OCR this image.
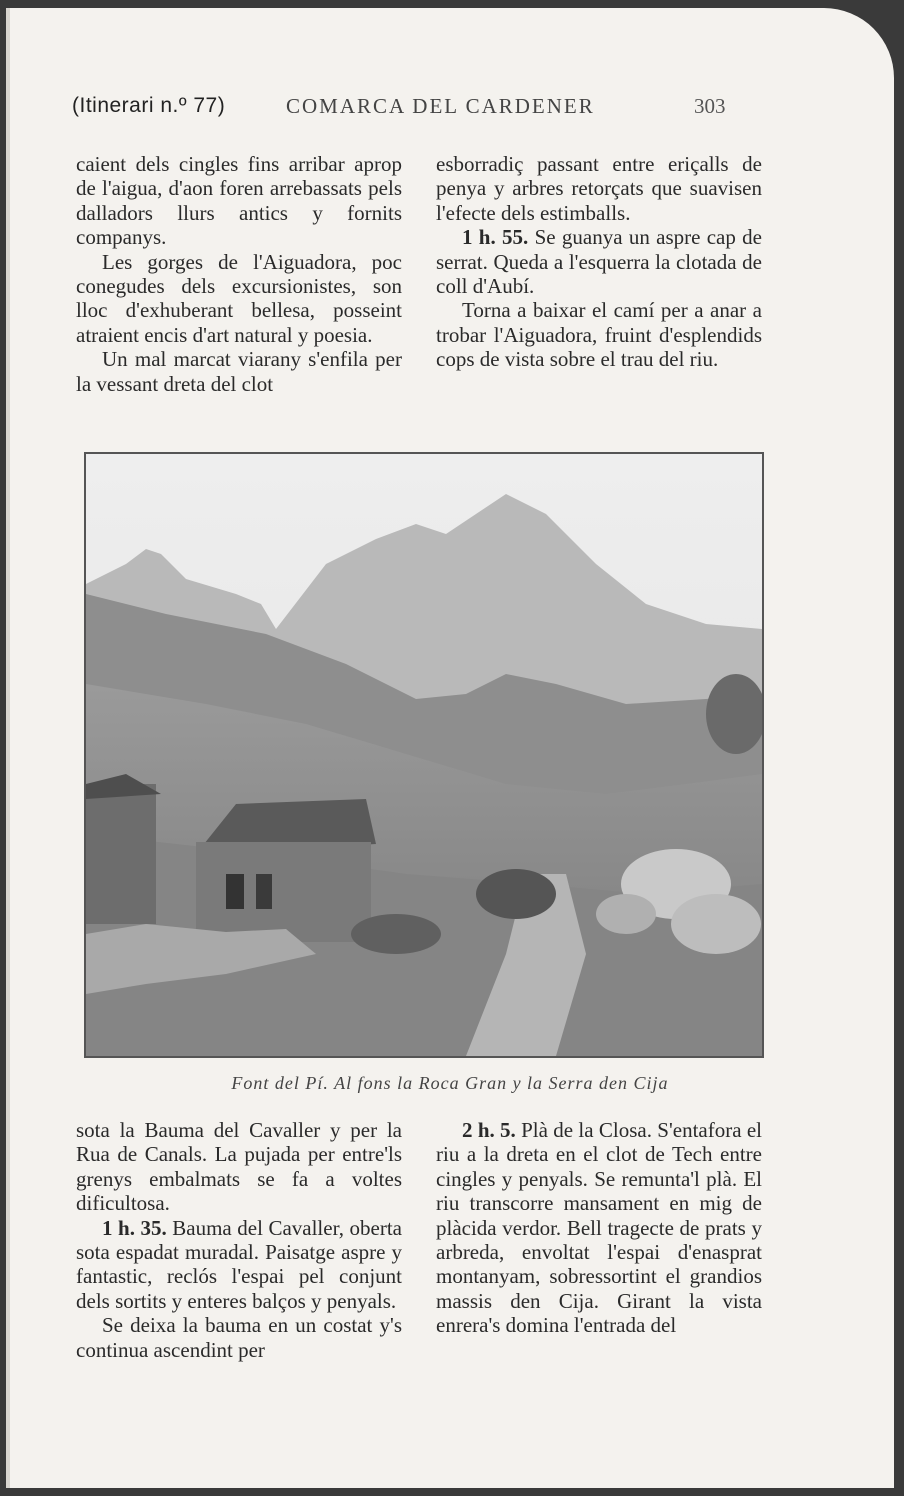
(Itinerari n.º 77)	COMARCA DEL CARDENER	303

caient dels cingles fins arribar aprop de l'aigua, d'aon foren arrebassats pels dalladors llurs antics y fornits companys.

Les gorges de l'Aiguadora, poc conegudes dels excursionistes, son lloc d'exhuberant bellesa, posseint atraient encis d'art natural y poesia.

Un mal marcat viarany s'enfila per la vessant dreta del clot

esborradiç passant entre eriçalls de penya y arbres retorçats que suavisen l'efecte dels estimballs.

1 h. 55. Se guanya un aspre cap de serrat. Queda a l'esquerra la clotada de coll d'Aubí.

Torna a baixar el camí per a anar a trobar l'Aiguadora, fruint d'esplendids cops de vista sobre el trau del riu.

Font del Pí. Al fons la Roca Gran y la Serra den Cija

sota la Bauma del Cavaller y per la Rua de Canals. La pujada per entre'ls grenys embalmats se fa a voltes dificultosa.

1 h. 35. Bauma del Cavaller, oberta sota espadat muradal. Paisatge aspre y fantastic, reclós l'espai pel conjunt dels sortits y enteres balços y penyals.

Se deixa la bauma en un costat y's continua ascendint per

2 h. 5. Plà de la Closa. S'entafora el riu a la dreta en el clot de Tech entre cingles y penyals. Se remunta'l plà. El riu transcorre mansament en mig de plàcida verdor. Bell tragecte de prats y arbreda, envoltat l'espai d'enasprat montanyam, sobressortint el grandios massis den Cija. Girant la vista enrera's domina l'entrada del
